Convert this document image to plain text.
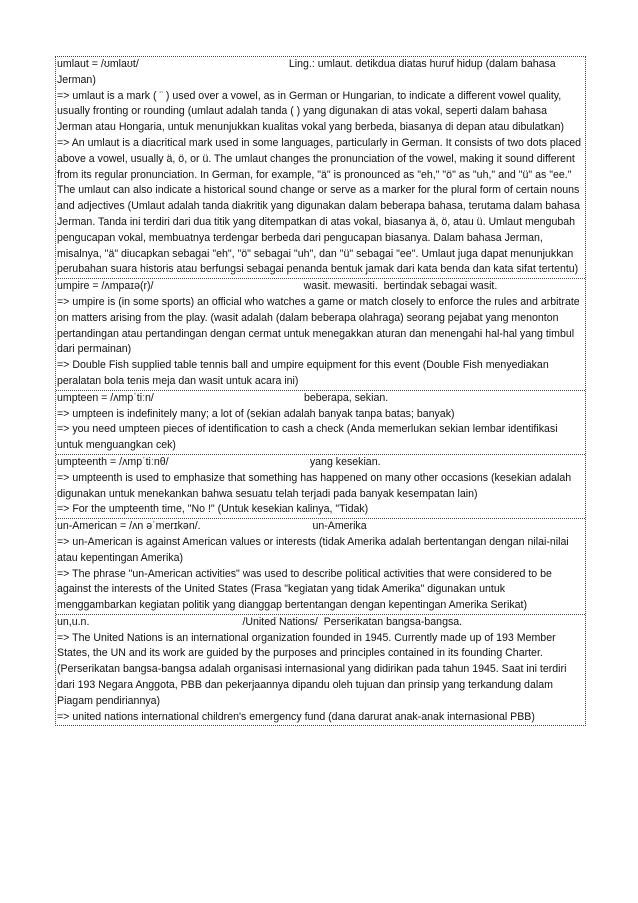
umlaut = /ʊmlaʊt/                                                   Ling.: umlaut. detikdua diatas huruf hidup (dalam bahasa

Jerman)

=> umlaut is a mark ( ¨ ) used over a vowel, as in German or Hungarian, to indicate a different vowel quality, usually fronting or rounding (umlaut adalah tanda ( ) yang digunakan di atas vokal, seperti dalam bahasa Jerman atau Hongaria, untuk menunjukkan kualitas vokal yang berbeda, biasanya di depan atau dibulatkan)

=> An umlaut is a diacritical mark used in some languages, particularly in German. It consists of two dots placed above a vowel, usually ä, ö, or ü. The umlaut changes the pronunciation of the vowel, making it sound different from its regular pronunciation. In German, for example, "ä" is pronounced as "eh," "ö" as "uh," and "ü" as "ee." The umlaut can also indicate a historical sound change or serve as a marker for the plural form of certain nouns and adjectives (Umlaut adalah tanda diakritik yang digunakan dalam beberapa bahasa, terutama dalam bahasa Jerman. Tanda ini terdiri dari dua titik yang ditempatkan di atas vokal, biasanya ä, ö, atau ü. Umlaut mengubah pengucapan vokal, membuatnya terdengar berbeda dari pengucapan biasanya. Dalam bahasa Jerman, misalnya, "ä" diucapkan sebagai "eh", "ö" sebagai "uh", dan "ü" sebagai "ee". Umlaut juga dapat menunjukkan perubahan suara historis atau berfungsi sebagai penanda bentuk jamak dari kata benda dan kata sifat tertentu)

umpire = /ʌmpaɪə(r)/                                                   wasit. mewasiti.  bertindak sebagai wasit.

=> umpire is (in some sports) an official who watches a game or match closely to enforce the rules and arbitrate on matters arising from the play. (wasit adalah (dalam beberapa olahraga) seorang pejabat yang menonton pertandingan atau pertandingan dengan cermat untuk menegakkan aturan dan menengahi hal-hal yang timbul dari permainan)

=> Double Fish supplied table tennis ball and umpire equipment for this event (Double Fish menyediakan peralatan bola tenis meja dan wasit untuk acara ini)

umpteen = /ʌmpˈtiːn/                                                   beberapa, sekian.

=> umpteen is indefinitely many; a lot of (sekian adalah banyak tanpa batas; banyak)

=> you need umpteen pieces of identification to cash a check (Anda memerlukan sekian lembar identifikasi untuk menguangkan cek)

umpteenth = /ʌmpˈtiːnθ/                                                yang kesekian.

=> umpteenth is used to emphasize that something has happened on many other occasions (kesekian adalah digunakan untuk menekankan bahwa sesuatu telah terjadi pada banyak kesempatan lain)

=> For the umpteenth time, "No !" (Untuk kesekian kalinya, "Tidak)

un-American = /ʌn əˈmerɪkən/.                                      un-Amerika

=> un-American is against American values or interests (tidak Amerika adalah bertentangan dengan nilai-nilai atau kepentingan Amerika)

=> The phrase "un-American activities" was used to describe political activities that were considered to be against the interests of the United States (Frasa "kegiatan yang tidak Amerika" digunakan untuk menggambarkan kegiatan politik yang dianggap bertentangan dengan kepentingan Amerika Serikat)

un,u.n.                                                    /United Nations/  Perserikatan bangsa-bangsa.

=> The United Nations is an international organization founded in 1945. Currently made up of 193 Member States, the UN and its work are guided by the purposes and principles contained in its founding Charter. (Perserikatan bangsa-bangsa adalah organisasi internasional yang didirikan pada tahun 1945. Saat ini terdiri dari 193 Negara Anggota, PBB dan pekerjaannya dipandu oleh tujuan dan prinsip yang terkandung dalam Piagam pendiriannya)

=> united nations international children's emergency fund (dana darurat anak-anak internasional PBB)
